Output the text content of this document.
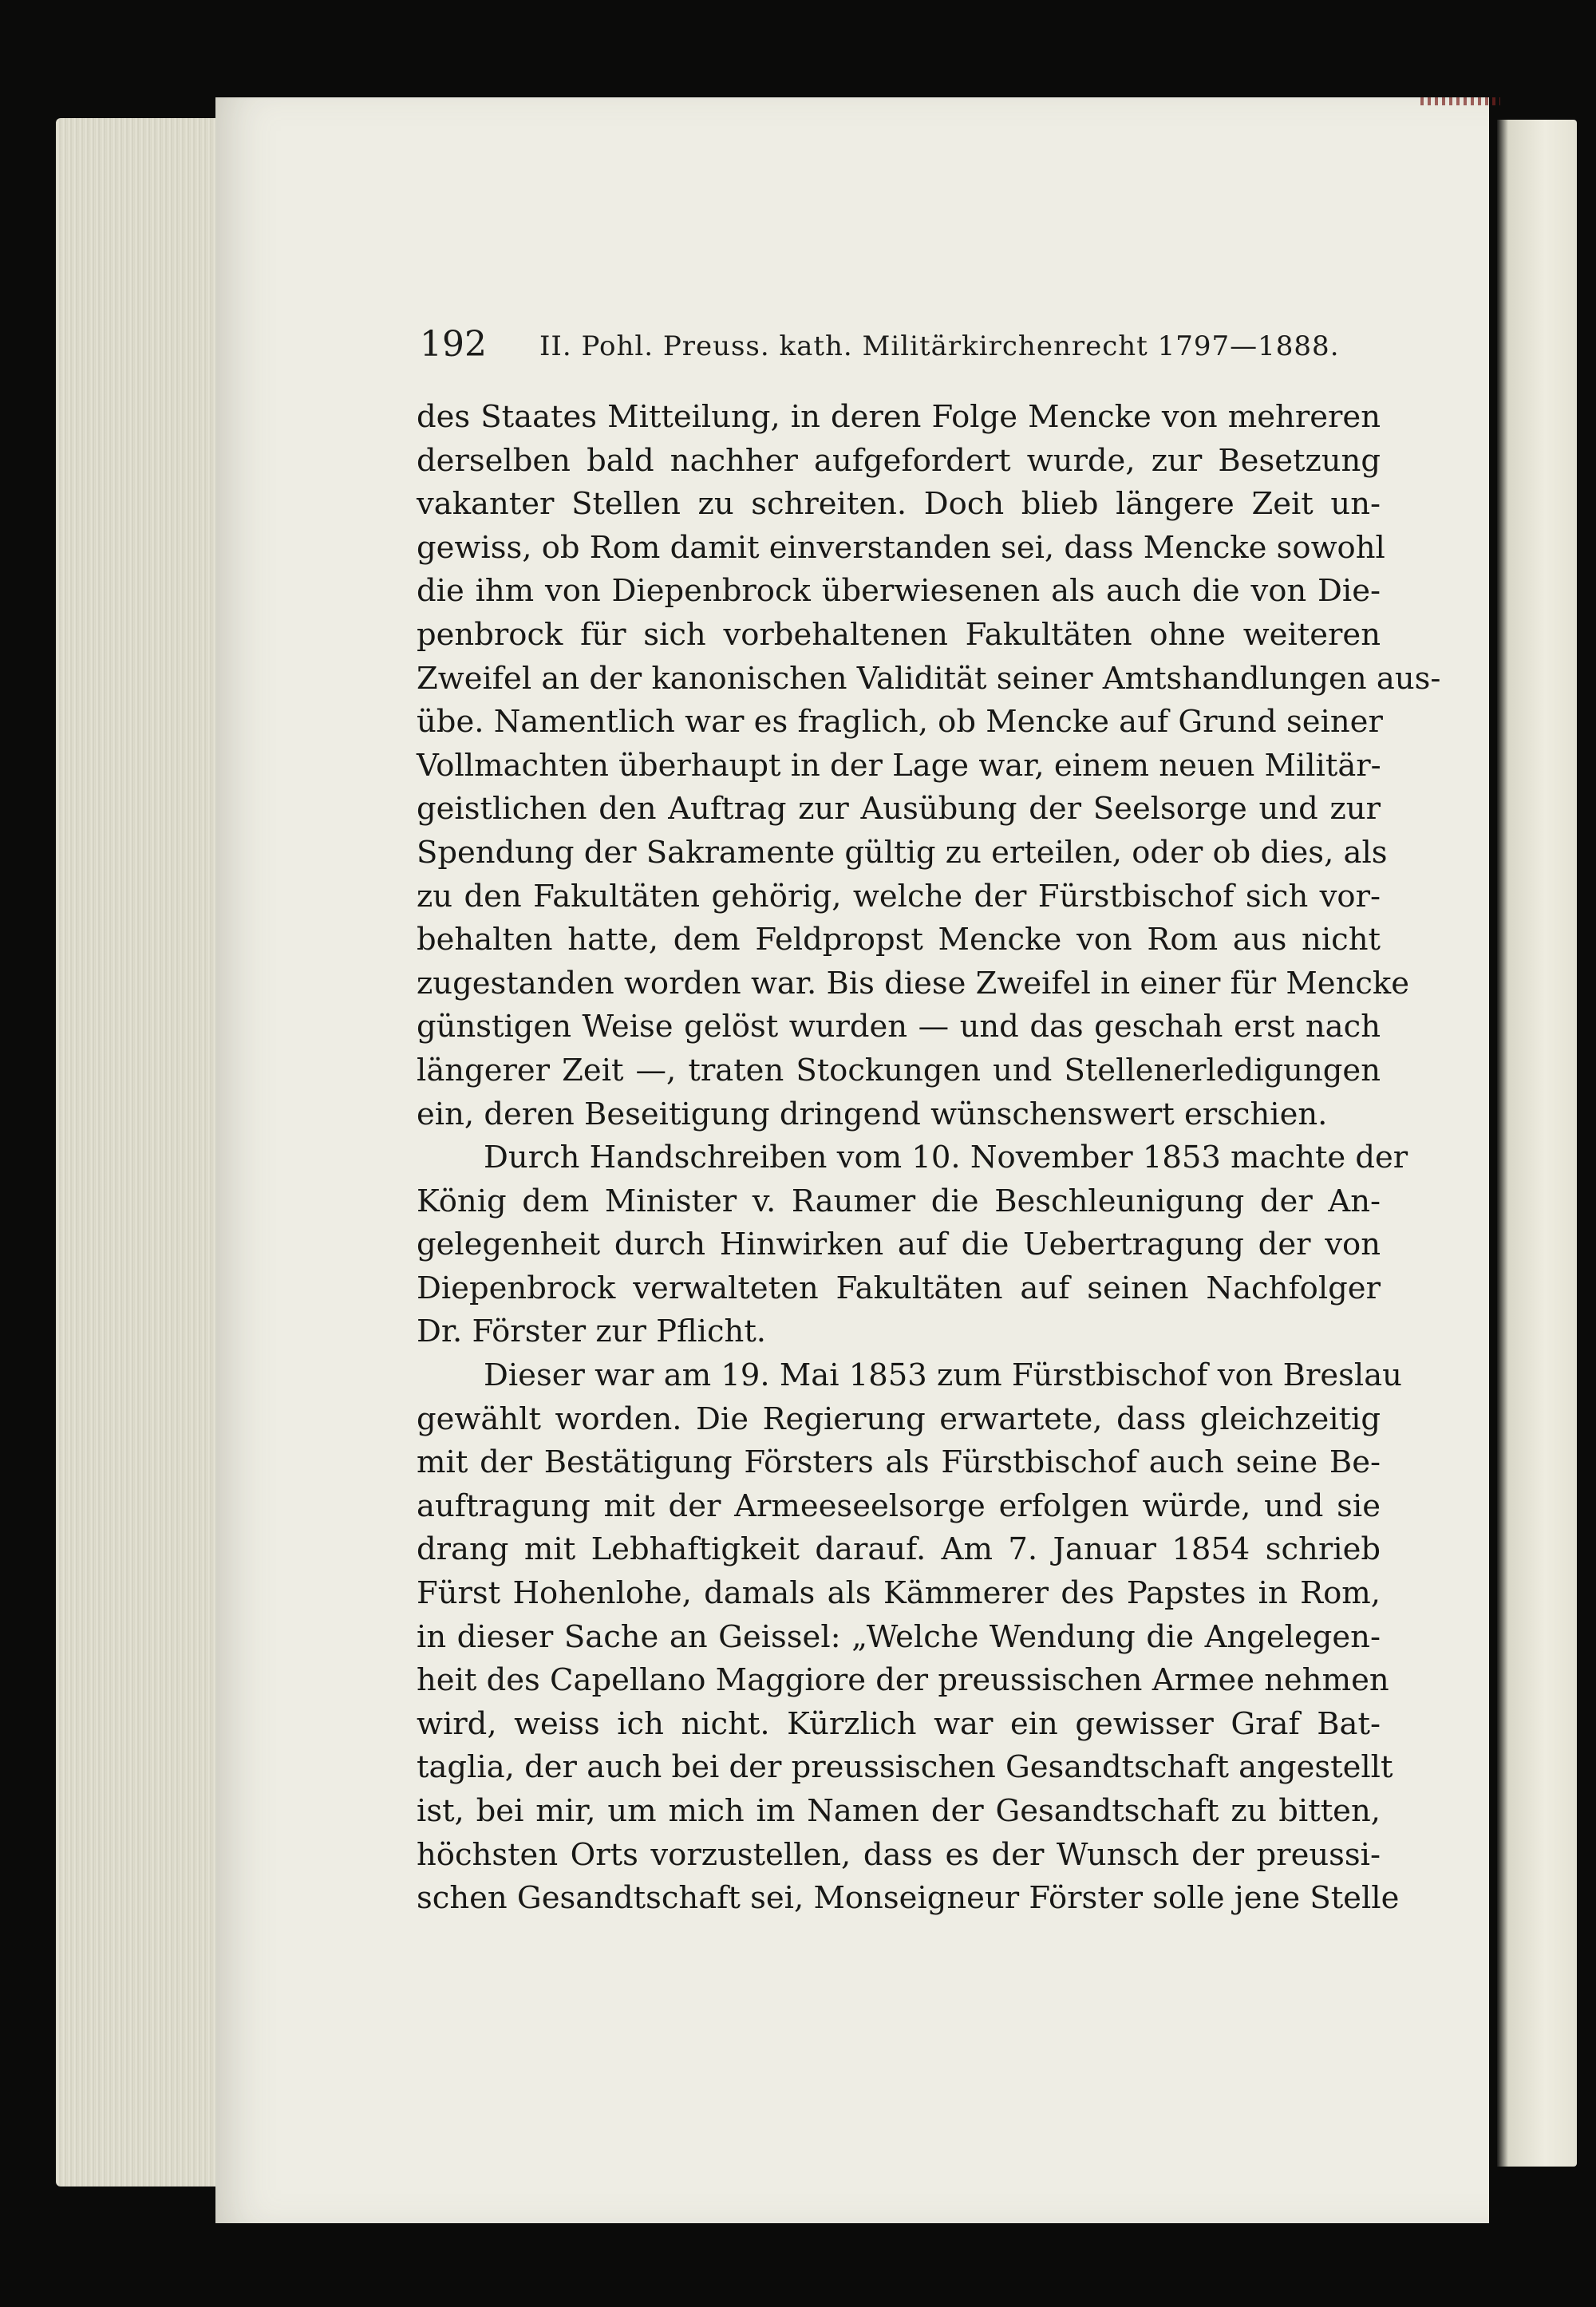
192 II. Pohl. Preuss. kath. Militärkirchenrecht 1797—1888.
des Staates Mitteilung, in deren Folge Mencke von mehreren
derselben bald nachher aufgefordert wurde, zur Besetzung
vakanter Stellen zu schreiten. Doch blieb längere Zeit un-
gewiss, ob Rom damit einverstanden sei, dass Mencke sowohl
die ihm von Diepenbrock überwiesenen als auch die von Die-
penbrock für sich vorbehaltenen Fakultäten ohne weiteren
Zweifel an der kanonischen Validität seiner Amtshandlungen aus-
übe. Namentlich war es fraglich, ob Mencke auf Grund seiner
Vollmachten überhaupt in der Lage war, einem neuen Militär-
geistlichen den Auftrag zur Ausübung der Seelsorge und zur
Spendung der Sakramente gültig zu erteilen, oder ob dies, als
zu den Fakultäten gehörig, welche der Fürstbischof sich vor-
behalten hatte, dem Feldpropst Mencke von Rom aus nicht
zugestanden worden war. Bis diese Zweifel in einer für Mencke
günstigen Weise gelöst wurden — und das geschah erst nach
längerer Zeit —, traten Stockungen und Stellenerledigungen
ein, deren Beseitigung dringend wünschenswert erschien.
Durch Handschreiben vom 10. November 1853 machte der
König dem Minister v. Raumer die Beschleunigung der An-
gelegenheit durch Hinwirken auf die Uebertragung der von
Diepenbrock verwalteten Fakultäten auf seinen Nachfolger
Dr. Förster zur Pflicht.
Dieser war am 19. Mai 1853 zum Fürstbischof von Breslau
gewählt worden. Die Regierung erwartete, dass gleichzeitig
mit der Bestätigung Försters als Fürstbischof auch seine Be-
auftragung mit der Armeeseelsorge erfolgen würde, und sie
drang mit Lebhaftigkeit darauf. Am 7. Januar 1854 schrieb
Fürst Hohenlohe, damals als Kämmerer des Papstes in Rom,
in dieser Sache an Geissel: „Welche Wendung die Angelegen-
heit des Capellano Maggiore der preussischen Armee nehmen
wird, weiss ich nicht. Kürzlich war ein gewisser Graf Bat-
taglia, der auch bei der preussischen Gesandtschaft angestellt
ist, bei mir, um mich im Namen der Gesandtschaft zu bitten,
höchsten Orts vorzustellen, dass es der Wunsch der preussi-
schen Gesandtschaft sei, Monseigneur Förster solle jene Stelle
